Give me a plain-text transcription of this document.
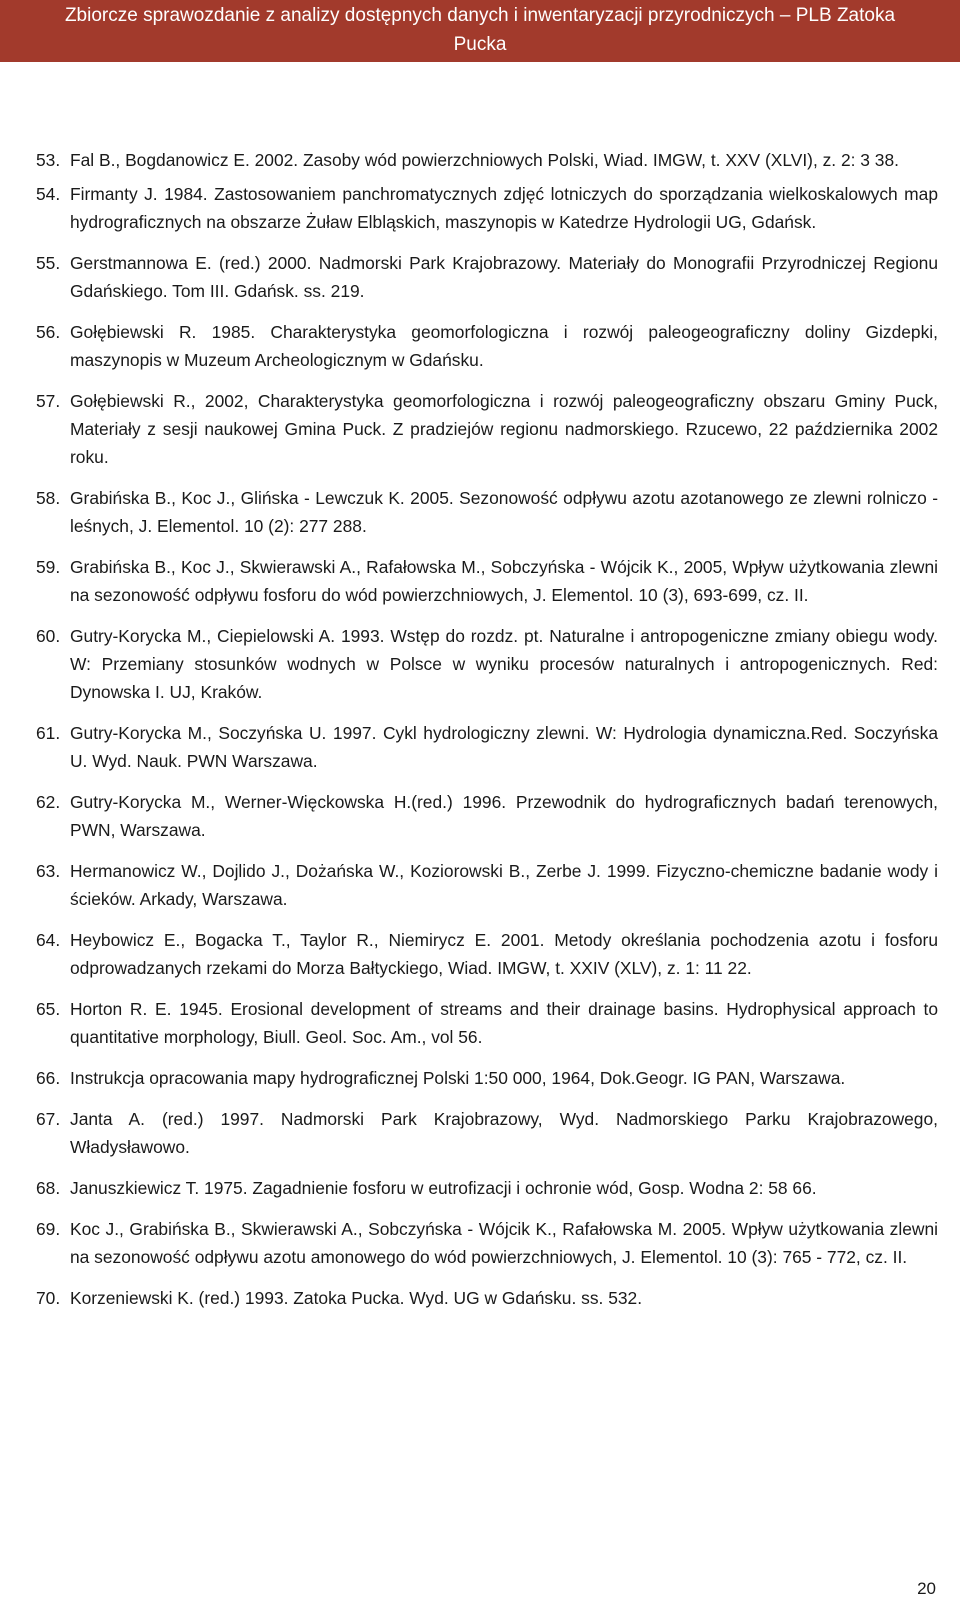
Zbiorcze sprawozdanie z analizy dostępnych danych i inwentaryzacji przyrodniczych – PLB Zatoka
Pucka
53. Fal B., Bogdanowicz E. 2002. Zasoby wód powierzchniowych Polski, Wiad. IMGW, t. XXV (XLVI), z. 2: 3 38.
54. Firmanty J. 1984. Zastosowaniem panchromatycznych zdjęć lotniczych do sporządzania wielkoskalowych map hydrograficznych na obszarze Żuław Elbląskich, maszynopis w Katedrze Hydrologii UG, Gdańsk.
55. Gerstmannowa E. (red.) 2000. Nadmorski Park Krajobrazowy. Materiały do Monografii Przyrodniczej Regionu Gdańskiego. Tom III. Gdańsk. ss. 219.
56. Gołębiewski R. 1985. Charakterystyka geomorfologiczna i rozwój paleogeograficzny doliny Gizdepki, maszynopis w Muzeum Archeologicznym w Gdańsku.
57. Gołębiewski R., 2002, Charakterystyka geomorfologiczna i rozwój paleogeograficzny obszaru Gminy Puck, Materiały z sesji naukowej Gmina Puck. Z pradziejów regionu nadmorskiego. Rzucewo, 22 października 2002 roku.
58. Grabińska B., Koc J., Glińska - Lewczuk K. 2005. Sezonowość odpływu azotu azotanowego ze zlewni rolniczo - leśnych, J. Elementol. 10 (2): 277 288.
59. Grabińska B., Koc J., Skwierawski A., Rafałowska M., Sobczyńska - Wójcik K., 2005, Wpływ użytkowania zlewni na sezonowość odpływu fosforu do wód powierzchniowych, J. Elementol. 10 (3), 693-699, cz. II.
60. Gutry-Korycka M., Ciepielowski A. 1993. Wstęp do rozdz. pt. Naturalne i antropogeniczne zmiany obiegu wody. W: Przemiany stosunków wodnych w Polsce w wyniku procesów naturalnych i antropogenicznych. Red: Dynowska I. UJ, Kraków.
61. Gutry-Korycka M., Soczyńska U. 1997. Cykl hydrologiczny zlewni. W: Hydrologia dynamiczna.Red. Soczyńska U. Wyd. Nauk. PWN Warszawa.
62. Gutry-Korycka M., Werner-Więckowska H.(red.) 1996. Przewodnik do hydrograficznych badań terenowych, PWN, Warszawa.
63. Hermanowicz W., Dojlido J., Dożańska W., Koziorowski B., Zerbe J. 1999. Fizyczno-chemiczne badanie wody i ścieków. Arkady, Warszawa.
64. Heybowicz E., Bogacka T., Taylor R., Niemirycz E. 2001. Metody określania pochodzenia azotu i fosforu odprowadzanych rzekami do Morza Bałtyckiego, Wiad. IMGW, t. XXIV (XLV), z. 1: 11 22.
65. Horton R. E. 1945. Erosional development of streams and their drainage basins. Hydrophysical approach to quantitative morphology, Biull. Geol. Soc. Am., vol 56.
66. Instrukcja opracowania mapy hydrograficznej Polski 1:50 000, 1964, Dok.Geogr. IG PAN, Warszawa.
67. Janta A. (red.) 1997. Nadmorski Park Krajobrazowy, Wyd. Nadmorskiego Parku Krajobrazowego, Władysławowo.
68. Januszkiewicz T. 1975. Zagadnienie fosforu w eutrofizacji i ochronie wód, Gosp. Wodna 2: 58 66.
69. Koc J., Grabińska B., Skwierawski A., Sobczyńska - Wójcik K., Rafałowska M. 2005. Wpływ użytkowania zlewni na sezonowość odpływu azotu amonowego do wód powierzchniowych, J. Elementol. 10 (3): 765 - 772, cz. II.
70. Korzeniewski K. (red.) 1993. Zatoka Pucka. Wyd. UG w Gdańsku. ss. 532.
20
